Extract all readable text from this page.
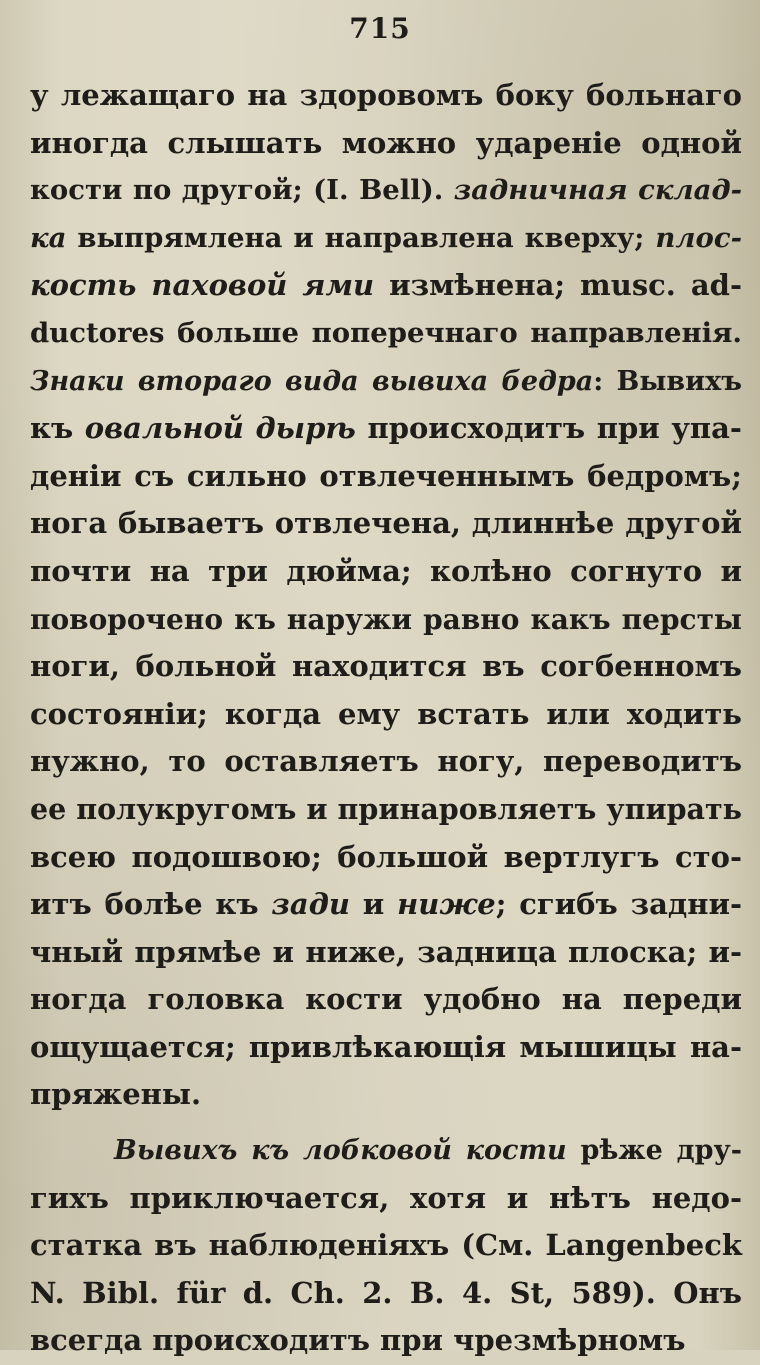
715
у лежащаго на здоровомъ боку больнаго
иногда слышать можно удареніе одной
кости по другой; (I. Bell). задничная склад-
ка выпрямлена и направлена кверху; плос-
кость паховой ями измѣнена; musc. ad-
ductores больше поперечнаго направленія.
Знаки втораго вида вывиха бедра: Вывихъ
къ овальной дырѣ происходитъ при упа-
деніи съ сильно отвлеченнымъ бедромъ;
нога бываетъ отвлечена, длиннѣе другой
почти на три дюйма; колѣно согнуто и
поворочено къ наружи равно какъ персты
ноги, больной находится въ согбенномъ
состояніи; когда ему встать или ходить
нужно, то оставляетъ ногу, переводитъ
ее полукругомъ и принаровляетъ упирать
всею подошвою; большой вертлугъ сто-
итъ болѣе къ зади и ниже; сгибъ задни-
чный прямѣе и ниже, задница плоска; и-
ногда головка кости удобно на переди
ощущается; привлѣкающія мышицы на-
пряжены.
Вывихъ къ лобковой кости рѣже дру-
гихъ приключается, хотя и нѣтъ недо-
статка въ наблюденіяхъ (См. Langenbeck
N. Bibl. für d. Ch. 2. B. 4. St, 589). Онъ
всегда происходитъ при чрезмѣрномъ
